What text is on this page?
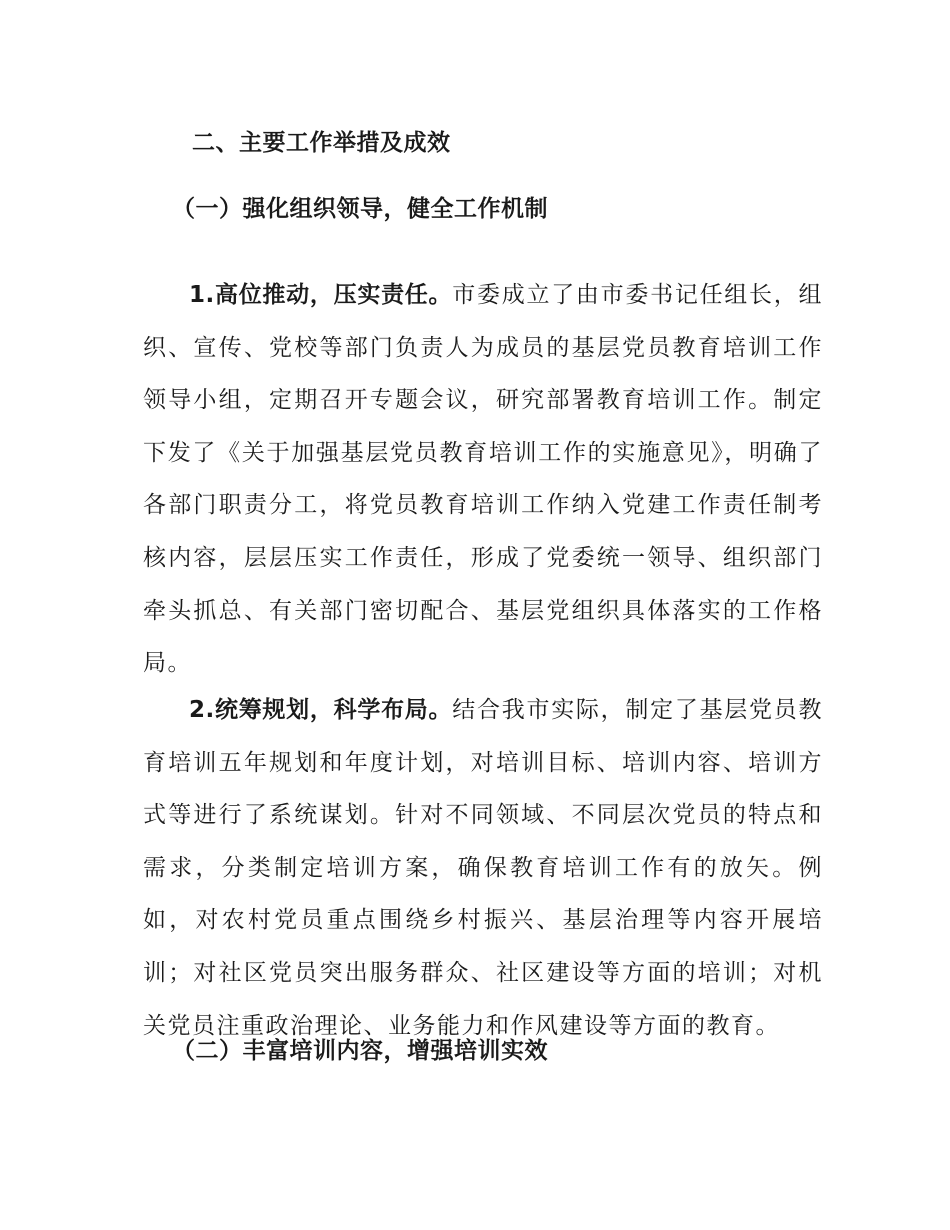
二、主要工作举措及成效
（一）强化组织领导，健全工作机制

1.高位推动，压实责任。市委成立了由市委书记任组长，组织、宣传、党校等部门负责人为成员的基层党员教育培训工作领导小组，定期召开专题会议，研究部署教育培训工作。制定下发了《关于加强基层党员教育培训工作的实施意见》，明确了各部门职责分工，将党员教育培训工作纳入党建工作责任制考核内容，层层压实工作责任，形成了党委统一领导、组织部门牵头抓总、有关部门密切配合、基层党组织具体落实的工作格局。

2.统筹规划，科学布局。结合我市实际，制定了基层党员教育培训五年规划和年度计划，对培训目标、培训内容、培训方式等进行了系统谋划。针对不同领域、不同层次党员的特点和需求，分类制定培训方案，确保教育培训工作有的放矢。例如，对农村党员重点围绕乡村振兴、基层治理等内容开展培训；对社区党员突出服务群众、社区建设等方面的培训；对机关党员注重政治理论、业务能力和作风建设等方面的教育。

（二）丰富培训内容，增强培训实效
